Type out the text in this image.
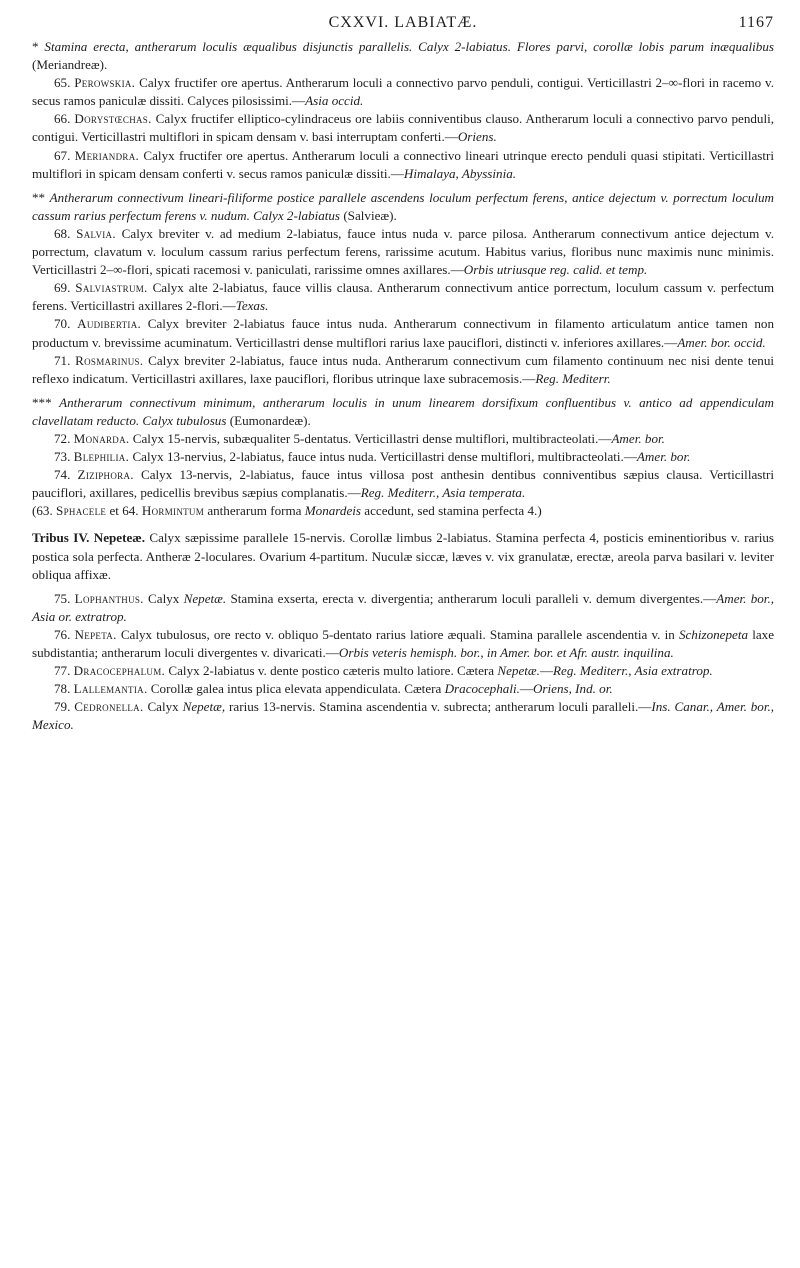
CXXVI. LABIATÆ.	1167

* Stamina erecta, antherarum loculis æqualibus disjunctis parallelis. Calyx 2-labiatus. Flores parvi, corollæ lobis parum inæqualibus (Meriandreæ).

65. Perowskia. Calyx fructifer ore apertus. Antherarum loculi a connectivo parvo penduli, contigui. Verticillastri 2–∞-flori in racemo v. secus ramos paniculæ dissiti. Calyces pilosissimi.—Asia occid.

66. Dorystœchas. Calyx fructifer elliptico-cylindraceus ore labiis conniventibus clauso. Antherarum loculi a connectivo parvo penduli, contigui. Verticillastri multiflori in spicam densam v. basi interruptam conferti.—Oriens.

67. Meriandra. Calyx fructifer ore apertus. Antherarum loculi a connectivo lineari utrinque erecto penduli quasi stipitati. Verticillastri multiflori in spicam densam conferti v. secus ramos paniculæ dissiti.—Himalaya, Abyssinia.

** Antherarum connectivum lineari-filiforme postice parallele ascendens loculum perfectum ferens, antice dejectum v. porrectum loculum cassum rarius perfectum ferens v. nudum. Calyx 2-labiatus (Salvieæ).

68. Salvia. Calyx breviter v. ad medium 2-labiatus, fauce intus nuda v. parce pilosa. Antherarum connectivum antice dejectum v. porrectum, clavatum v. loculum cassum rarius perfectum ferens, rarissime acutum. Habitus varius, floribus nunc maximis nunc minimis. Verticillastri 2–∞-flori, spicati racemosi v. paniculati, rarissime omnes axillares.—Orbis utriusque reg. calid. et temp.

69. Salviastrum. Calyx alte 2-labiatus, fauce villis clausa. Antherarum connectivum antice porrectum, loculum cassum v. perfectum ferens. Verticillastri axillares 2-flori.—Texas.

70. Audibertia. Calyx breviter 2-labiatus fauce intus nuda. Antherarum connectivum in filamento articulatum antice tamen non productum v. brevissime acuminatum. Verticillastri dense multiflori rarius laxe pauciflori, distincti v. inferiores axillares.—Amer. bor. occid.

71. Rosmarinus. Calyx breviter 2-labiatus, fauce intus nuda. Antherarum connectivum cum filamento continuum nec nisi dente tenui reflexo indicatum. Verticillastri axillares, laxe pauciflori, floribus utrinque laxe subracemosis.—Reg. Mediterr.

*** Antherarum connectivum minimum, antherarum loculis in unum linearem dorsifixum confluentibus v. antico ad appendiculam clavellatam reducto. Calyx tubulosus (Eumonardeæ).

72. Monarda. Calyx 15-nervis, subæqualiter 5-dentatus. Verticillastri dense multiflori, multibracteolati.—Amer. bor.

73. Blephilia. Calyx 13-nervius, 2-labiatus, fauce intus nuda. Verticillastri dense multiflori, multibracteolati.—Amer. bor.

74. Ziziphora. Calyx 13-nervis, 2-labiatus, fauce intus villosa post anthesin dentibus conniventibus sæpius clausa. Verticillastri pauciflori, axillares, pedicellis brevibus sæpius complanatis.—Reg. Mediterr., Asia temperata.

(63. Sphacele et 64. Hormintum antherarum forma Monardeis accedunt, sed stamina perfecta 4.)

Tribus IV. Nepeteæ. Calyx sæpissime parallele 15-nervis. Corollæ limbus 2-labiatus. Stamina perfecta 4, posticis eminentioribus v. rarius postica sola perfecta. Antheræ 2-loculares. Ovarium 4-partitum. Nuculæ siccæ, læves v. vix granulatæ, erectæ, areola parva basilari v. leviter obliqua affixæ.

75. Lophanthus. Calyx Nepetæ. Stamina exserta, erecta v. divergentia; antherarum loculi paralleli v. demum divergentes.—Amer. bor., Asia or. extratrop.

76. Nepeta. Calyx tubulosus, ore recto v. obliquo 5-dentato rarius latiore æquali. Stamina parallele ascendentia v. in Schizonepeta laxe subdistantia; antherarum loculi divergentes v. divaricati.—Orbis veteris hemisph. bor., in Amer. bor. et Afr. austr. inquilina.

77. Dracocephalum. Calyx 2-labiatus v. dente postico cæteris multo latiore. Cætera Nepetæ.—Reg. Mediterr., Asia extratrop.

78. Lallemantia. Corollæ galea intus plica elevata appendiculata. Cætera Dracocephali.—Oriens, Ind. or.

79. Cedronella. Calyx Nepetæ, rarius 13-nervis. Stamina ascendentia v. subrecta; antherarum loculi paralleli.—Ins. Canar., Amer. bor., Mexico.
